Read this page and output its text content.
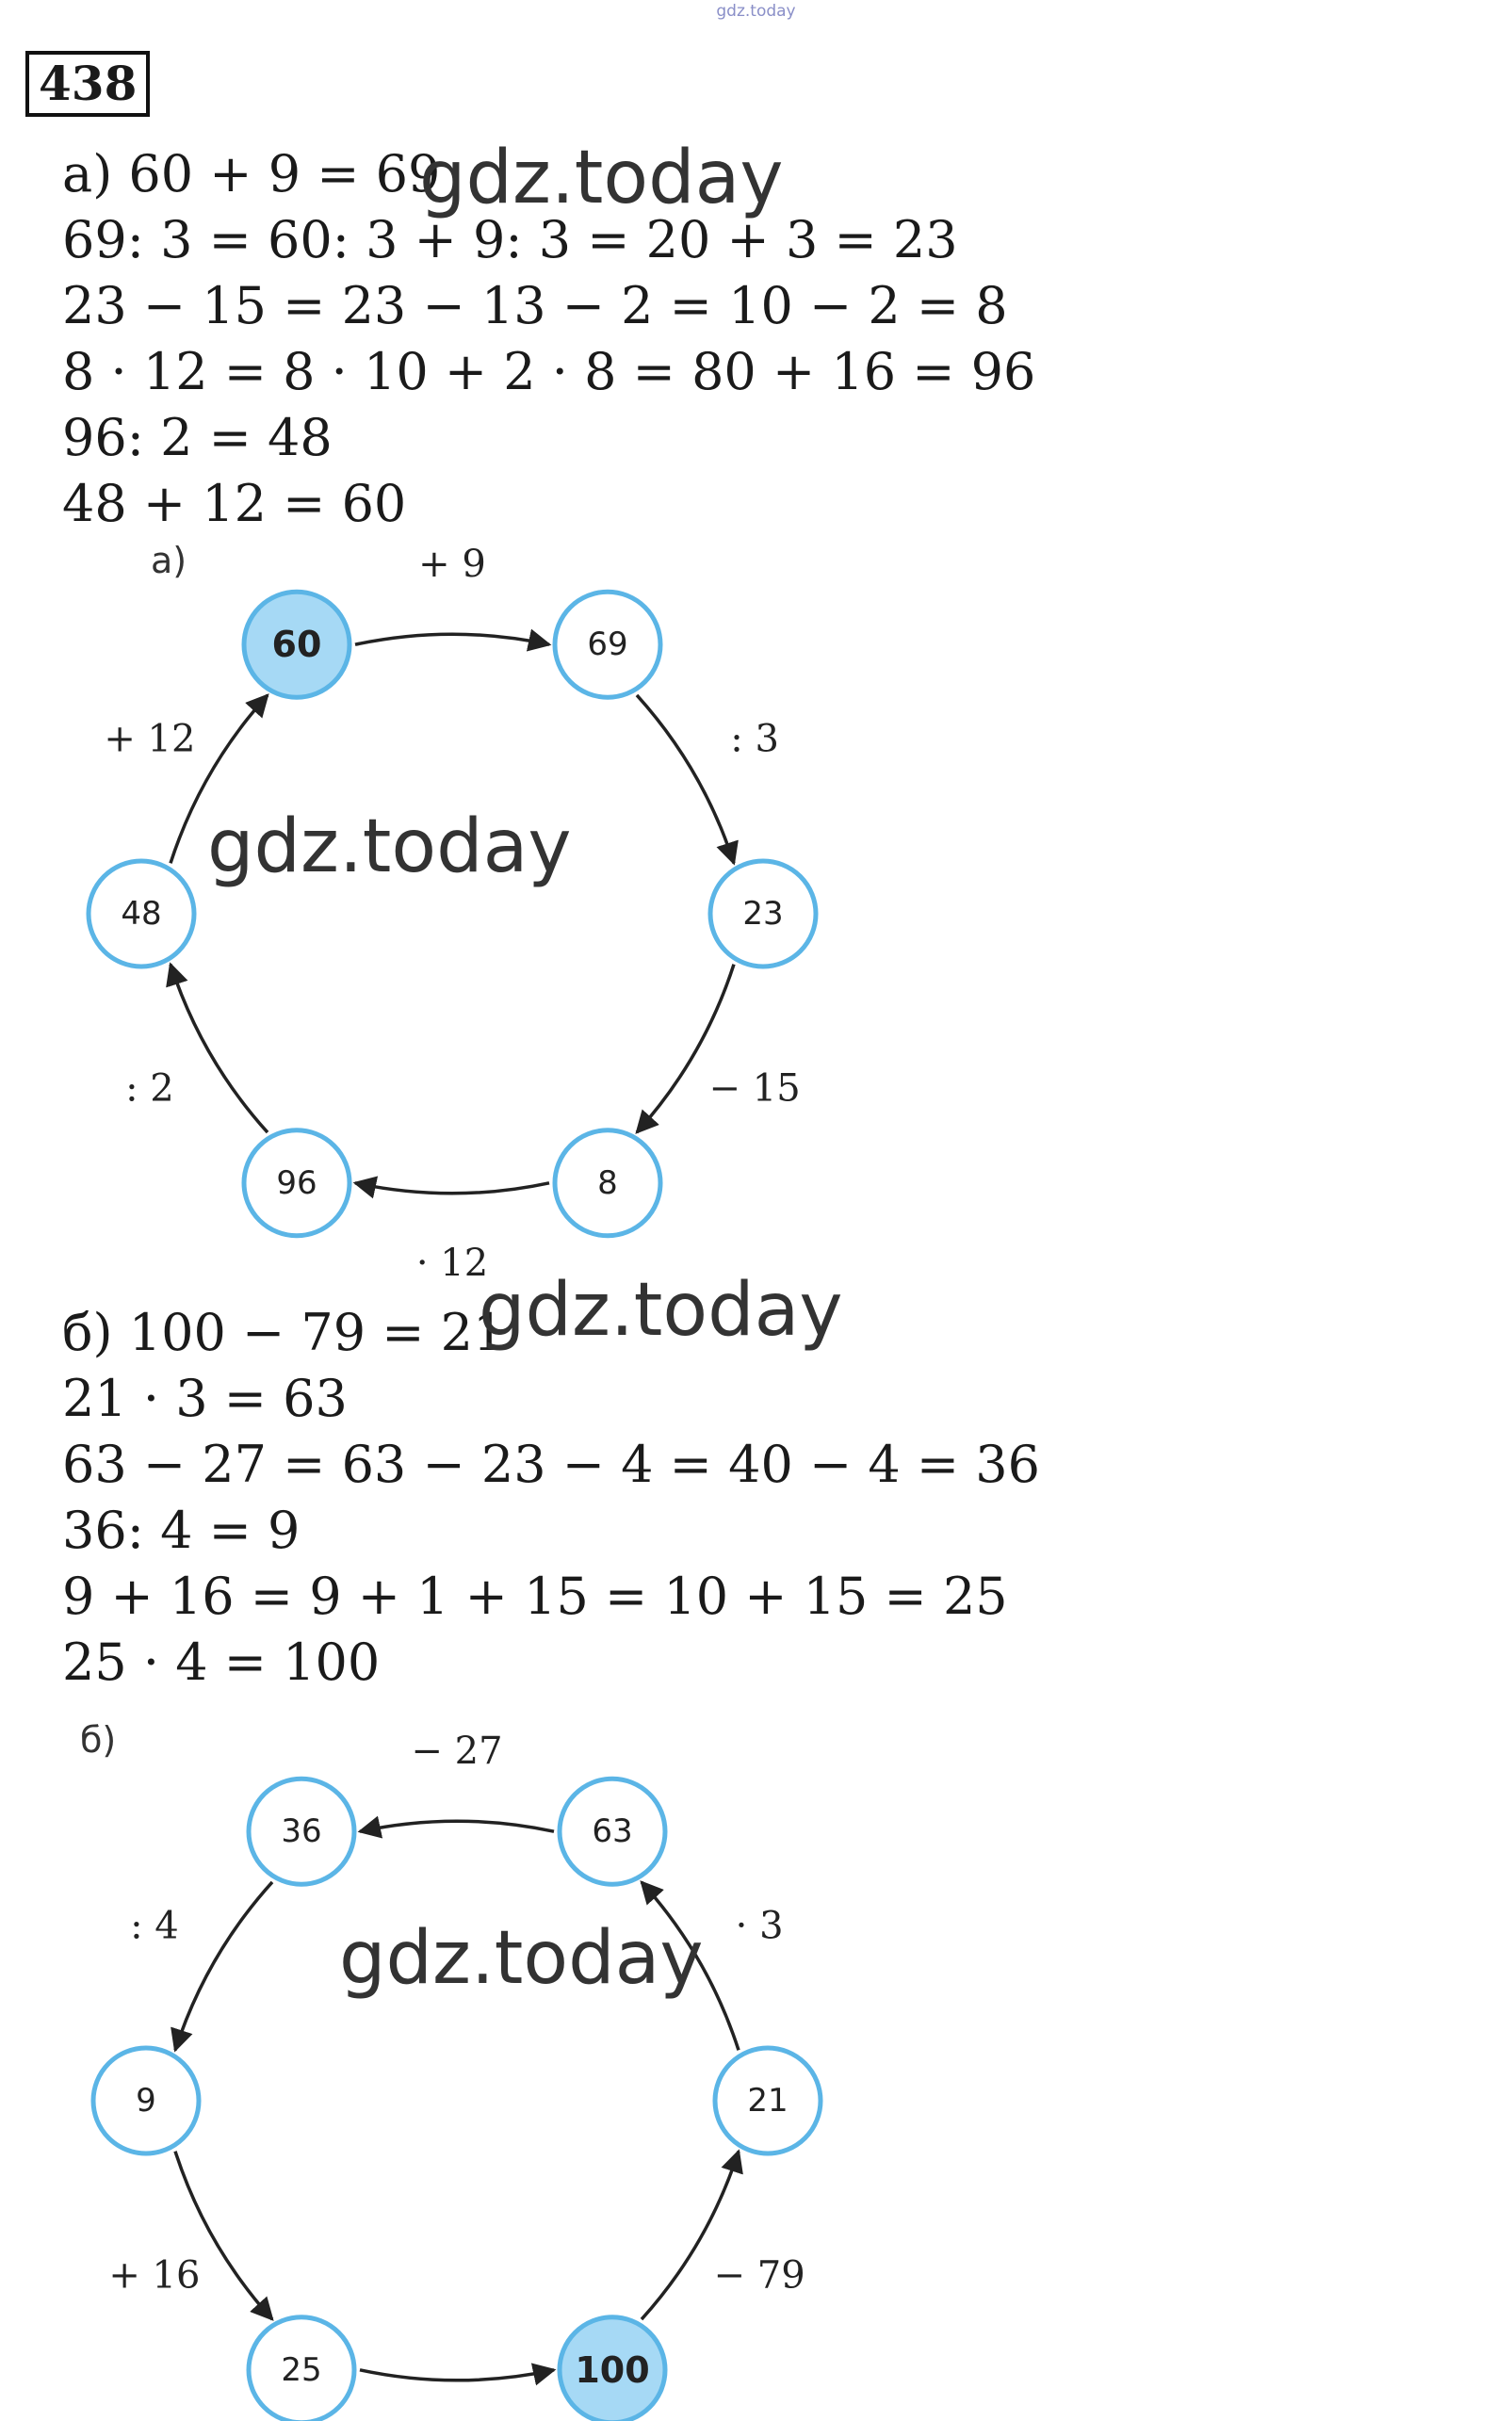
gdz.today
438
а) 60 + 9 = 69
69: 3 = 60: 3 + 9: 3 = 20 + 3 = 23
23 − 15 = 23 − 13 − 2 = 10 − 2 = 8
8 · 12 = 8 · 10 + 2 · 8 = 80 + 16 = 96
96: 2 = 48
48 + 12 = 60
gdz.today
а)
60	69
23
8
96
48
+ 9
: 3
− 15
· 12
: 2
+ 12
gdz.today
б) 100 − 79 = 21
21 · 3 = 63
63 − 27 = 63 − 23 − 4 = 40 − 4 = 36
36: 4 = 9
9 + 16 = 9 + 1 + 15 = 10 + 15 = 25
25 · 4 = 100
gdz.today
б)
100
21
63
36
9
25
− 79
· 3
− 27
: 4
+ 16
gdz.today
